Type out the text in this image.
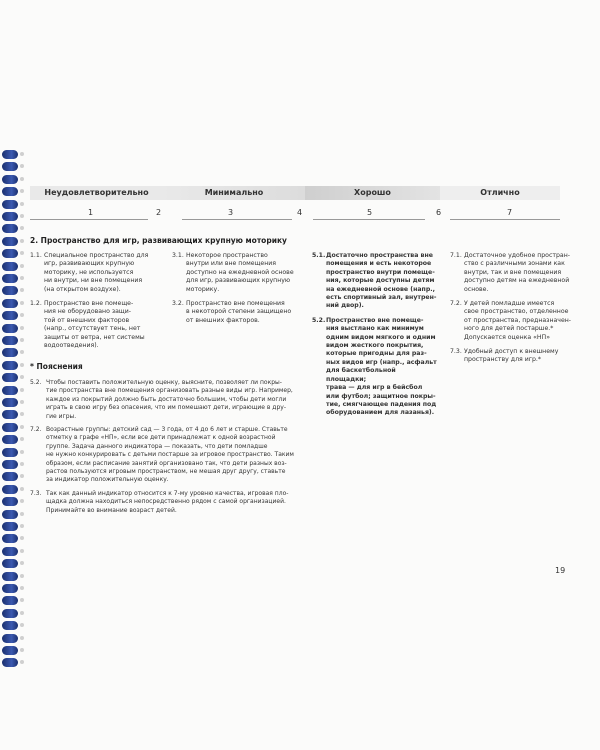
Неудовлетворительно	Минимально	Хорошо	Отлично
1	2	3	4	5	6	7
2. Пространство для игр, развивающих крупную моторику
1.1. Специальное пространство для
игр, развивающих крупную
моторику, не используется
ни внутри, ни вне помещения
(на открытом воздухе).
1.2. Пространство вне помеще-
ния не оборудовано защи-
той от внешних факторов
(напр., отсутствует тень, нет
защиты от ветра, нет системы
водоотведения).
3.1. Некоторое пространство
внутри или вне помещения
доступно на ежедневной основе
для игр, развивающих крупную
моторику.
3.2. Пространство вне помещения
в некоторой степени защищено
от внешних факторов.
5.1. Достаточно пространства вне
помещения и есть некоторое
пространство внутри помеще-
ния, которые доступны детям
на ежедневной основе (напр.,
есть спортивный зал, внутрен-
ний двор).
5.2. Пространство вне помеще-
ния выстлано как минимум
одним видом мягкого и одним
видом жесткого покрытия,
которые пригодны для раз-
ных видов игр (напр., асфальт
для баскетбольной площадки;
трава — для игр в бейсбол
или футбол; защитное покры-
тие, смягчающее падения под
оборудованием для лазанья).
7.1. Достаточное удобное простран-
ство с различными зонами как
внутри, так и вне помещения
доступно детям на ежедневной
основе.
7.2. У детей помладше имеется
свое пространство, отделенное
от пространства, предназначен-
ного для детей постарше.*
Допускается оценка «НП»
7.3. Удобный доступ к внешнему
пространству для игр.*
* Пояснения
5.2. Чтобы поставить положительную оценку, выясните, позволяет ли покры-
тие пространства вне помещения организовать разные виды игр. Например,
каждое из покрытий должно быть достаточно большим, чтобы дети могли
играть в свою игру без опасения, что им помешают дети, играющие в дру-
гие игры.
7.2. Возрастные группы: детский сад — 3 года, от 4 до 6 лет и старше. Ставьте
отметку в графе «НП», если все дети принадлежат к одной возрастной
группе. Задача данного индикатора — показать, что дети помладше
не нужно конкурировать с детьми постарше за игровое пространство. Таким
образом, если расписание занятий организовано так, что дети разных воз-
растов пользуются игровым пространством, не мешая друг другу, ставьте
за индикатор положительную оценку.
7.3. Так как данный индикатор относится к 7-му уровню качества, игровая пло-
щадка должна находиться непосредственно рядом с самой организацией.
Принимайте во внимание возраст детей.
19
